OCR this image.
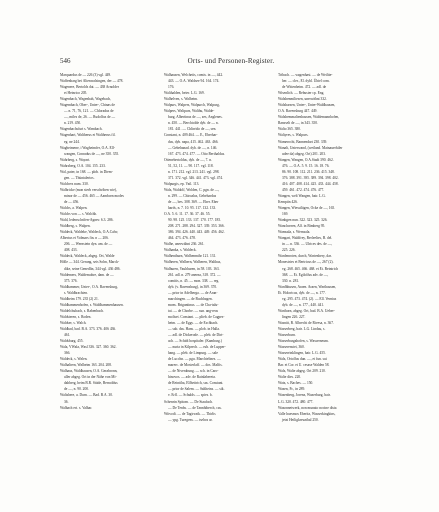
546	Orts- und Personen-Register.
Marquardus de — 226 (3) vgl. 449.
Waffenbarg bei Altenwalsingen, der — 478.
Wagenere, Bertolds dat. — 438 Arnolder
et Heinrico 205.
Wagenbach, Wagenbah, Wagebach,
Wagembach, Ober-, Unter-, Chinas de
— n. 71, 76, 121. — Chloradus de
—, miles de, 26. — Rudolfus de —
n. 219. 450.
Wagenbachsfurt s. Wambach.
Wagenhart, Waltherus et Waltherus fil.
eg. ne 244.
Wagheimene, i Wagheimfer, O.A. Ell-
wangen, Conradus de —, ne 350. 355.
Wahrberg, s. Wayart.
Wahrsberg, O.A. 104. 155. 233.
Wal, pater, in 168. — plob. in Diem-
gen. — Thüntalerios.
Walchers num. 330.
Walbricke (mon sterb verschriben wie),
minor de — 456. 465 — Aamborn modes
de — 456.
Walchs, a. Walpen.
Walchs von — s. Walchh.
Wald, ledenschrifen-Agnes: 6.3. 286.
Waldberg, s. Walpen.
Waldeck, Waldeke, Waldeck, O.A.Calw;
Albertus et Volmars fin. n — 206.
206. — Wernstein dyn. am. de —
408. 433.
Waldeck, Waldeck, abgeg. Ort, Walde
Hölle — 344. Gerung, seis Sohn, Marck-
dike, seine Genedlin, 344 vgl. 436 486.
Waldemers, Waldemohre, dam. de —
375. 376.
Waldhammer, Unter-, O.A. Ravensburg,
s. Waldbrachten.
Waldheim 179. 235 (2) 21.
Waldhammenhofen, s. Waldhammenhausen.
Waldelchubach, s. Rabenbach.
Waldsteren, s. Roden.
Waldser, s. Walch.
Waldbad, bad. B.A. 373. 376. 406 436.
461.
Waldsburg, 455.
Wala, VWala, Wasl 336. 327. 360. 362.
366.
Waldeck, s. Walen.
Walhaltern, Walheim 163. 204. 208.
Walhaus, Waldhausen, O.A. Gerabronn,
aller abgeg. Ort in der Nähe von Mi-
dahberg, beim B.R. Stüde, Bernoldus
de —, n. 90. 200.
Waltshere, a. Durn. — Bad. B.A. 30.
36.
Walbach ert. s. Valbar.
Walhausen, Welchetis, comis. in —, 442.
443. — O.A. Waldsee 94. 164. 174.
176.
Walthalden, beier. L.G. 169.
Walhelven, s. Walheim.
Walpurs, Walpers, Walpurch, Walpurg,
Walpers, Waltpurs, Walthu, Walde-
burg, Albertinus de —, zes, Anglenes.
n. 450. — Berchtolde dyb. de — n.
181. 441. — Chlirrido de —, sen.
Constant, n. 409.464. — E., Eberhar-
dus, dyb. napa, 415. 462. 463. 466.
— Gebehanad. dyb. de —, n. 146.
167. 473. 474. 477. — Otto Berthaldus.
Ottenebertoldus, dyb. de —, 7. n.
51, 52, 11. — 90. 117. vgl. 118.
n. 171. 212. vgl. 213. 241. vgl. 298.
371. 372. vgl. 346. 441. 473. vgl. 474.
Walpurgis, ep. Vail. 113.
Walz, Waldolf, Wolden, C. pgn. de —,
n. 299. — Chiroalus, Gebehardus
de —, bes. 308. 369. — Eber. Eber
hards, n. 7. 10. 95. 117. 132. 133.
O.A. 5. 6. 11. 17. 36. 37. 46. 55.
90. 98. 125. 133. 137. 170. 177. 185.
208. 271. 288. 294. 327. 339. 353. 366.
386. 394. 426. 440. 443. 449. 456. 462.
464. 473. 476. 478.
Walhe, unerwähnt 236. 261.
Walhanka, s. Waldeck.
Walhenthurn, Walhenmihr 121. 131.
Walheren, Walhern, Walheren, Walthus,
Walhuren, Vauhhuren, in 58. 103. 163.
261. adl. n. 279 anerna, 318. 372. —
comitis, n. 45. — mon. 338. — reg.
dyb. (v. Ravensburg), in 369. 370.
— prior in Adelberga. — de Aran-
marchingen. — de Buchhagen.
mons. Brigantinus. — de Cha-talu-
tai. — de Chorhe. — sun. ang-reas
moliset. Constant. — plieb. de Cagpes-
heim. — de Eggs. — de Eschbach.
— sab. das. Hans. — plob. in Halla.
— adl. de Dickerode. — pleb. de Dirt-
ach. — Schidt hospitaler. (Kamburg.)
— nuria in Kilprech. — rub. de Lupper-
hang. — pleb. de Limpurg. — sale
de Lucchn. — pgu. Marchtelines. —
marerc. de Mosterlaff. — dos. Malfis.
— de Niverabung. — sch. in Caro-
hinovos. — adv. de Rainlabereta.
de Reintiha, Elfhettrich, sas. Constant.
— prior de Salem. — Saltheins. — sik.
v. Erfl. — Schulds. — spies. b.
Schenrin Spitom. — De Staufach.
— De Tenbs. — de Tannhiberch, cas.
Witvodi. — de Tagirvatk. — Thirlis
— ypg. Turegens. — tsehos ar.
Tribach. — wagenhast. — de Weiltte-
her. — cler., El. dybl. Ühtel com.
de Wittenheim. 472. — adl. de
Wisenlich. — Rebuster cp. Eng.
Walzhenmiltesen, unerwähnt 332.
Walzharsen, Unter-, Unter-Waldhausen,
O.A. Ravensburg 447. 449.
Walzhemmaltenhausen, Waldemannhofen,
Ransselt de —, in 343. 350.
Walto 365. 380.
Waltyres, s. Walpurs.
Wamerocht, Bannendart 230. 339.
Wanalt, Unterwand, (weiland. Mainauerhiler
udee da) abgeg. Ort) 201. 203.
Wangen, Wangen, O.A.Stadt 390. 462.
476. — O.A. 5. 9. 15. 16. 18. 76.
86. 90. 108. 112. 211. 236. 415. 348.
376. 388. 391. 395. 389. 394. 398. 402.
416. 407. 408. 414. 425. 433. 444. 458.
459. 461. 472. 474. 476. 477.
Wangen, welt Wangen, bair. L.G.
Kemptin 426.
Wangen, Wiesstlägen, Ocke de —, 165.
169.
Wanbgen nun. 322. 323. 325. 326.
Wanchorren, Alf. in Bimberg 95.
Wamsala, s. Wernsala.
Wangart, Waldfrey, Berleeltes, B. del.
in — n. 336. — Ulrices des. de —,
225. 226.
Wardenroten, durch, Wartenbery, dar.
Monestries et Bertricus de —, 267 (2).
vg. 268. 465. 466. 468. et Et. Beintrich
368. — Et. Egilolfus adv. de —,
330. n. 281.
Wardbhusen, Araen. Araen, Warthausen,
Et. Holoricus, dyb. de —, n. 177.
vg. 295. 473. 474. (2). — Ell. Vernius
dyb. de —, n. 177., 440. 441.
Warthorn, abgeg. Ort, bad. B.A. Ueber-
lingen 226. 227.
Wasnitt, B. Albrecht de Rivesa, n. 367.
Wasserberg, bair. L.G. Lindau, s.
Wasserburn.
Wasserburgahofen, s. Wasserneum.
Wasserenstei, 360.
Wasserrinklingen, bair. L.G. 455.
Walz, Ortolfus dun. —, et fun. sui
Bar. et Cor. et U. cesase Walden 58.
Walz, Walte abgeg. Ort 209. 210.
Walte dies. 220.
Watz, s. Baches. — 150.
Wazen, Fr., in 289.
Wazenberg, Jorenz, Wazerburg, bair.
L.G. 320. 472. 480. 477.
Wazonnetwerk, non munato nocine dista
Valle huesmos Eberitz, Wasserkingkins,
jetzt Heiligkreuzthal 250.
